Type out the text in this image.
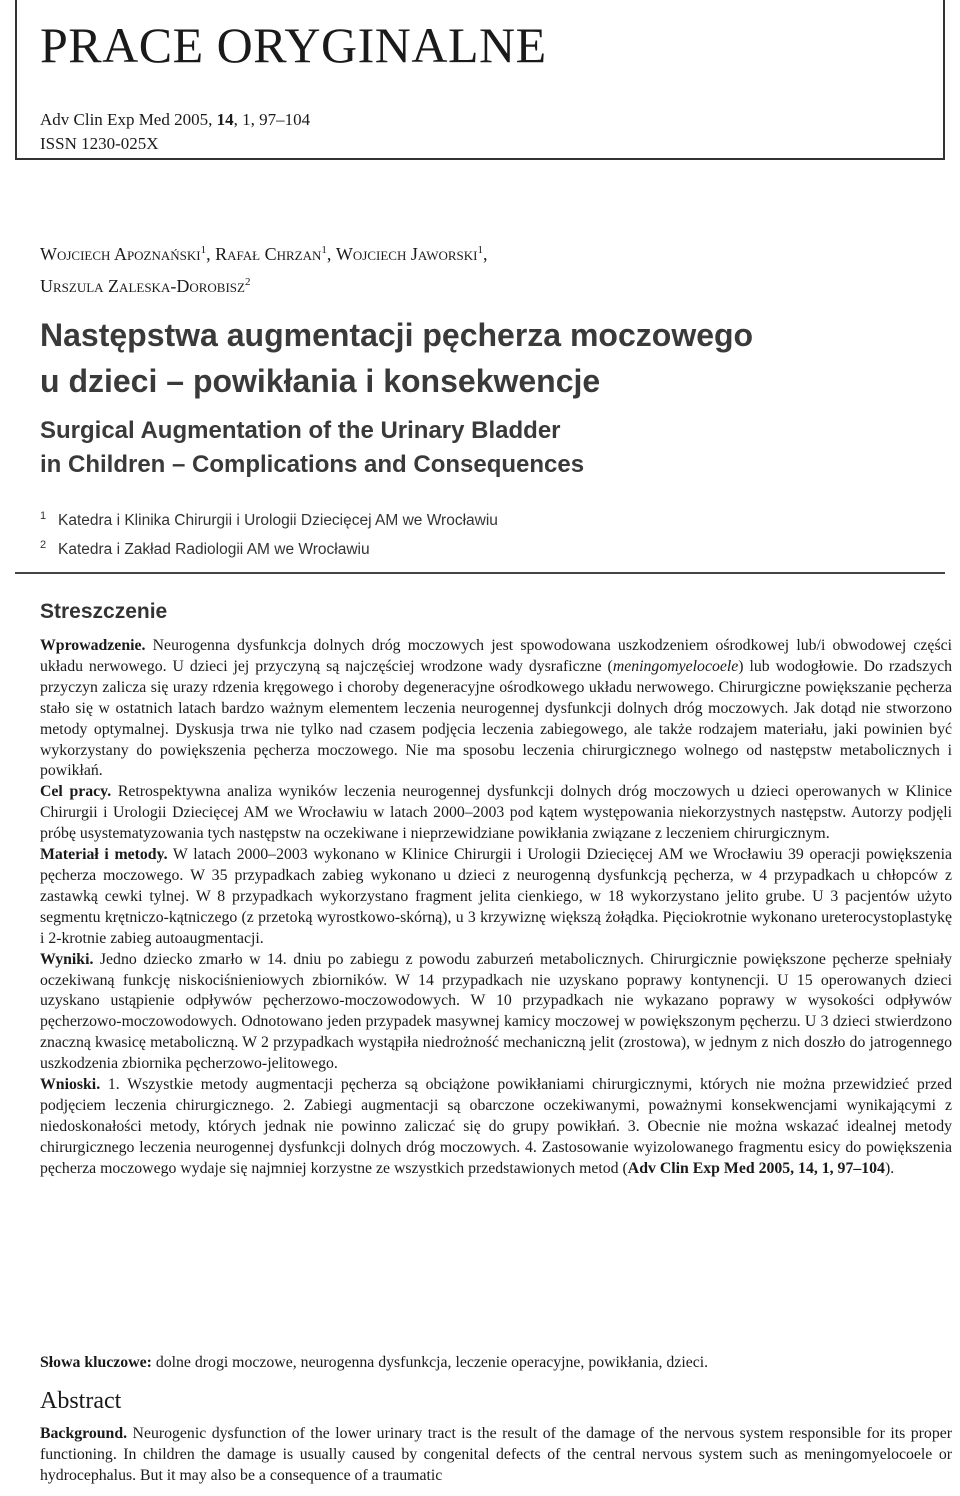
PRACE ORYGINALNE
Adv Clin Exp Med 2005, 14, 1, 97–104
ISSN 1230-025X
Wojciech Apoznański$^1$, Rafał Chrzan$^1$, Wojciech Jaworski$^1$,
Urszula Zaleska-Dorobisz$^2$
Następstwa augmentacji pęcherza moczowego
u dzieci – powikłania i konsekwencje
Surgical Augmentation of the Urinary Bladder
in Children – Complications and Consequences
$^1$ Katedra i Klinika Chirurgii i Urologii Dziecięcej AM we Wrocławiu
$^2$ Katedra i Zakład Radiologii AM we Wrocławiu
Streszczenie

Wprowadzenie. Neurogenna dysfunkcja dolnych dróg moczowych jest spowodowana uszkodzeniem ośrodkowej lub/i obwodowej części układu nerwowego. U dzieci jej przyczyną są najczęściej wrodzone wady dysraficzne (meningomyelocoele) lub wodogłowie. Do rzadszych przyczyn zalicza się urazy rdzenia kręgowego i choroby degeneracyjne ośrodkowego układu nerwowego. Chirurgiczne powiększanie pęcherza stało się w ostatnich latach bardzo ważnym elementem leczenia neurogennej dysfunkcji dolnych dróg moczowych. Jak dotąd nie stworzono metody optymalnej. Dyskusja trwa nie tylko nad czasem podjęcia leczenia zabiegowego, ale także rodzajem materiału, jaki powinien być wykorzystany do powiększenia pęcherza moczowego. Nie ma sposobu leczenia chirurgicznego wolnego od następstw metabolicznych i powikłań.

Cel pracy. Retrospektywna analiza wyników leczenia neurogennej dysfunkcji dolnych dróg moczowych u dzieci operowanych w Klinice Chirurgii i Urologii Dziecięcej AM we Wrocławiu w latach 2000–2003 pod kątem występowania niekorzystnych następstw. Autorzy podjęli próbę usystematyzowania tych następstw na oczekiwane i nieprzewidziane powikłania związane z leczeniem chirurgicznym.

Materiał i metody. W latach 2000–2003 wykonano w Klinice Chirurgii i Urologii Dziecięcej AM we Wrocławiu 39 operacji powiększenia pęcherza moczowego. W 35 przypadkach zabieg wykonano u dzieci z neurogenną dysfunkcją pęcherza, w 4 przypadkach u chłopców z zastawką cewki tylnej. W 8 przypadkach wykorzystano fragment jelita cienkiego, w 18 wykorzystano jelito grube. U 3 pacjentów użyto segmentu krętniczo-kątniczego (z przetoką wyrostkowo-skórną), u 3 krzywiznę większą żołądka. Pięciokrotnie wykonano ureterocystoplastykę i 2-krotnie zabieg autoaugmentacji.

Wyniki. Jedno dziecko zmarło w 14. dniu po zabiegu z powodu zaburzeń metabolicznych. Chirurgicznie powiększone pęcherze spełniały oczekiwaną funkcję niskociśnieniowych zbiorników. W 14 przypadkach nie uzyskano poprawy kontynencji. U 15 operowanych dzieci uzyskano ustąpienie odpływów pęcherzowo-moczowodowych. W 10 przypadkach nie wykazano poprawy w wysokości odpływów pęcherzowo-moczowodowych. Odnotowano jeden przypadek masywnej kamicy moczowej w powiększonym pęcherzu. U 3 dzieci stwierdzono znaczną kwasicę metaboliczną. W 2 przypadkach wystąpiła niedrożność mechaniczną jelit (zrostowa), w jednym z nich doszło do jatrogennego uszkodzenia zbiornika pęcherzowo-jelitowego.

Wnioski. 1. Wszystkie metody augmentacji pęcherza są obciążone powikłaniami chirurgicznymi, których nie można przewidzieć przed podjęciem leczenia chirurgicznego. 2. Zabiegi augmentacji są obarczone oczekiwanymi, poważnymi konsekwencjami wynikającymi z niedoskonałości metody, których jednak nie powinno zaliczać się do grupy powikłań. 3. Obecnie nie można wskazać idealnej metody chirurgicznego leczenia neurogennej dysfunkcji dolnych dróg moczowych. 4. Zastosowanie wyizolowanego fragmentu esicy do powiększenia pęcherza moczowego wydaje się najmniej korzystne ze wszystkich przedstawionych metod (Adv Clin Exp Med 2005, 14, 1, 97–104).

Słowa kluczowe: dolne drogi moczowe, neurogenna dysfunkcja, leczenie operacyjne, powikłania, dzieci.
Abstract

Background. Neurogenic dysfunction of the lower urinary tract is the result of the damage of the nervous system responsible for its proper functioning. In children the damage is usually caused by congenital defects of the central nervous system such as meningomyelocoele or hydrocephalus. But it may also be a consequence of a traumatic
